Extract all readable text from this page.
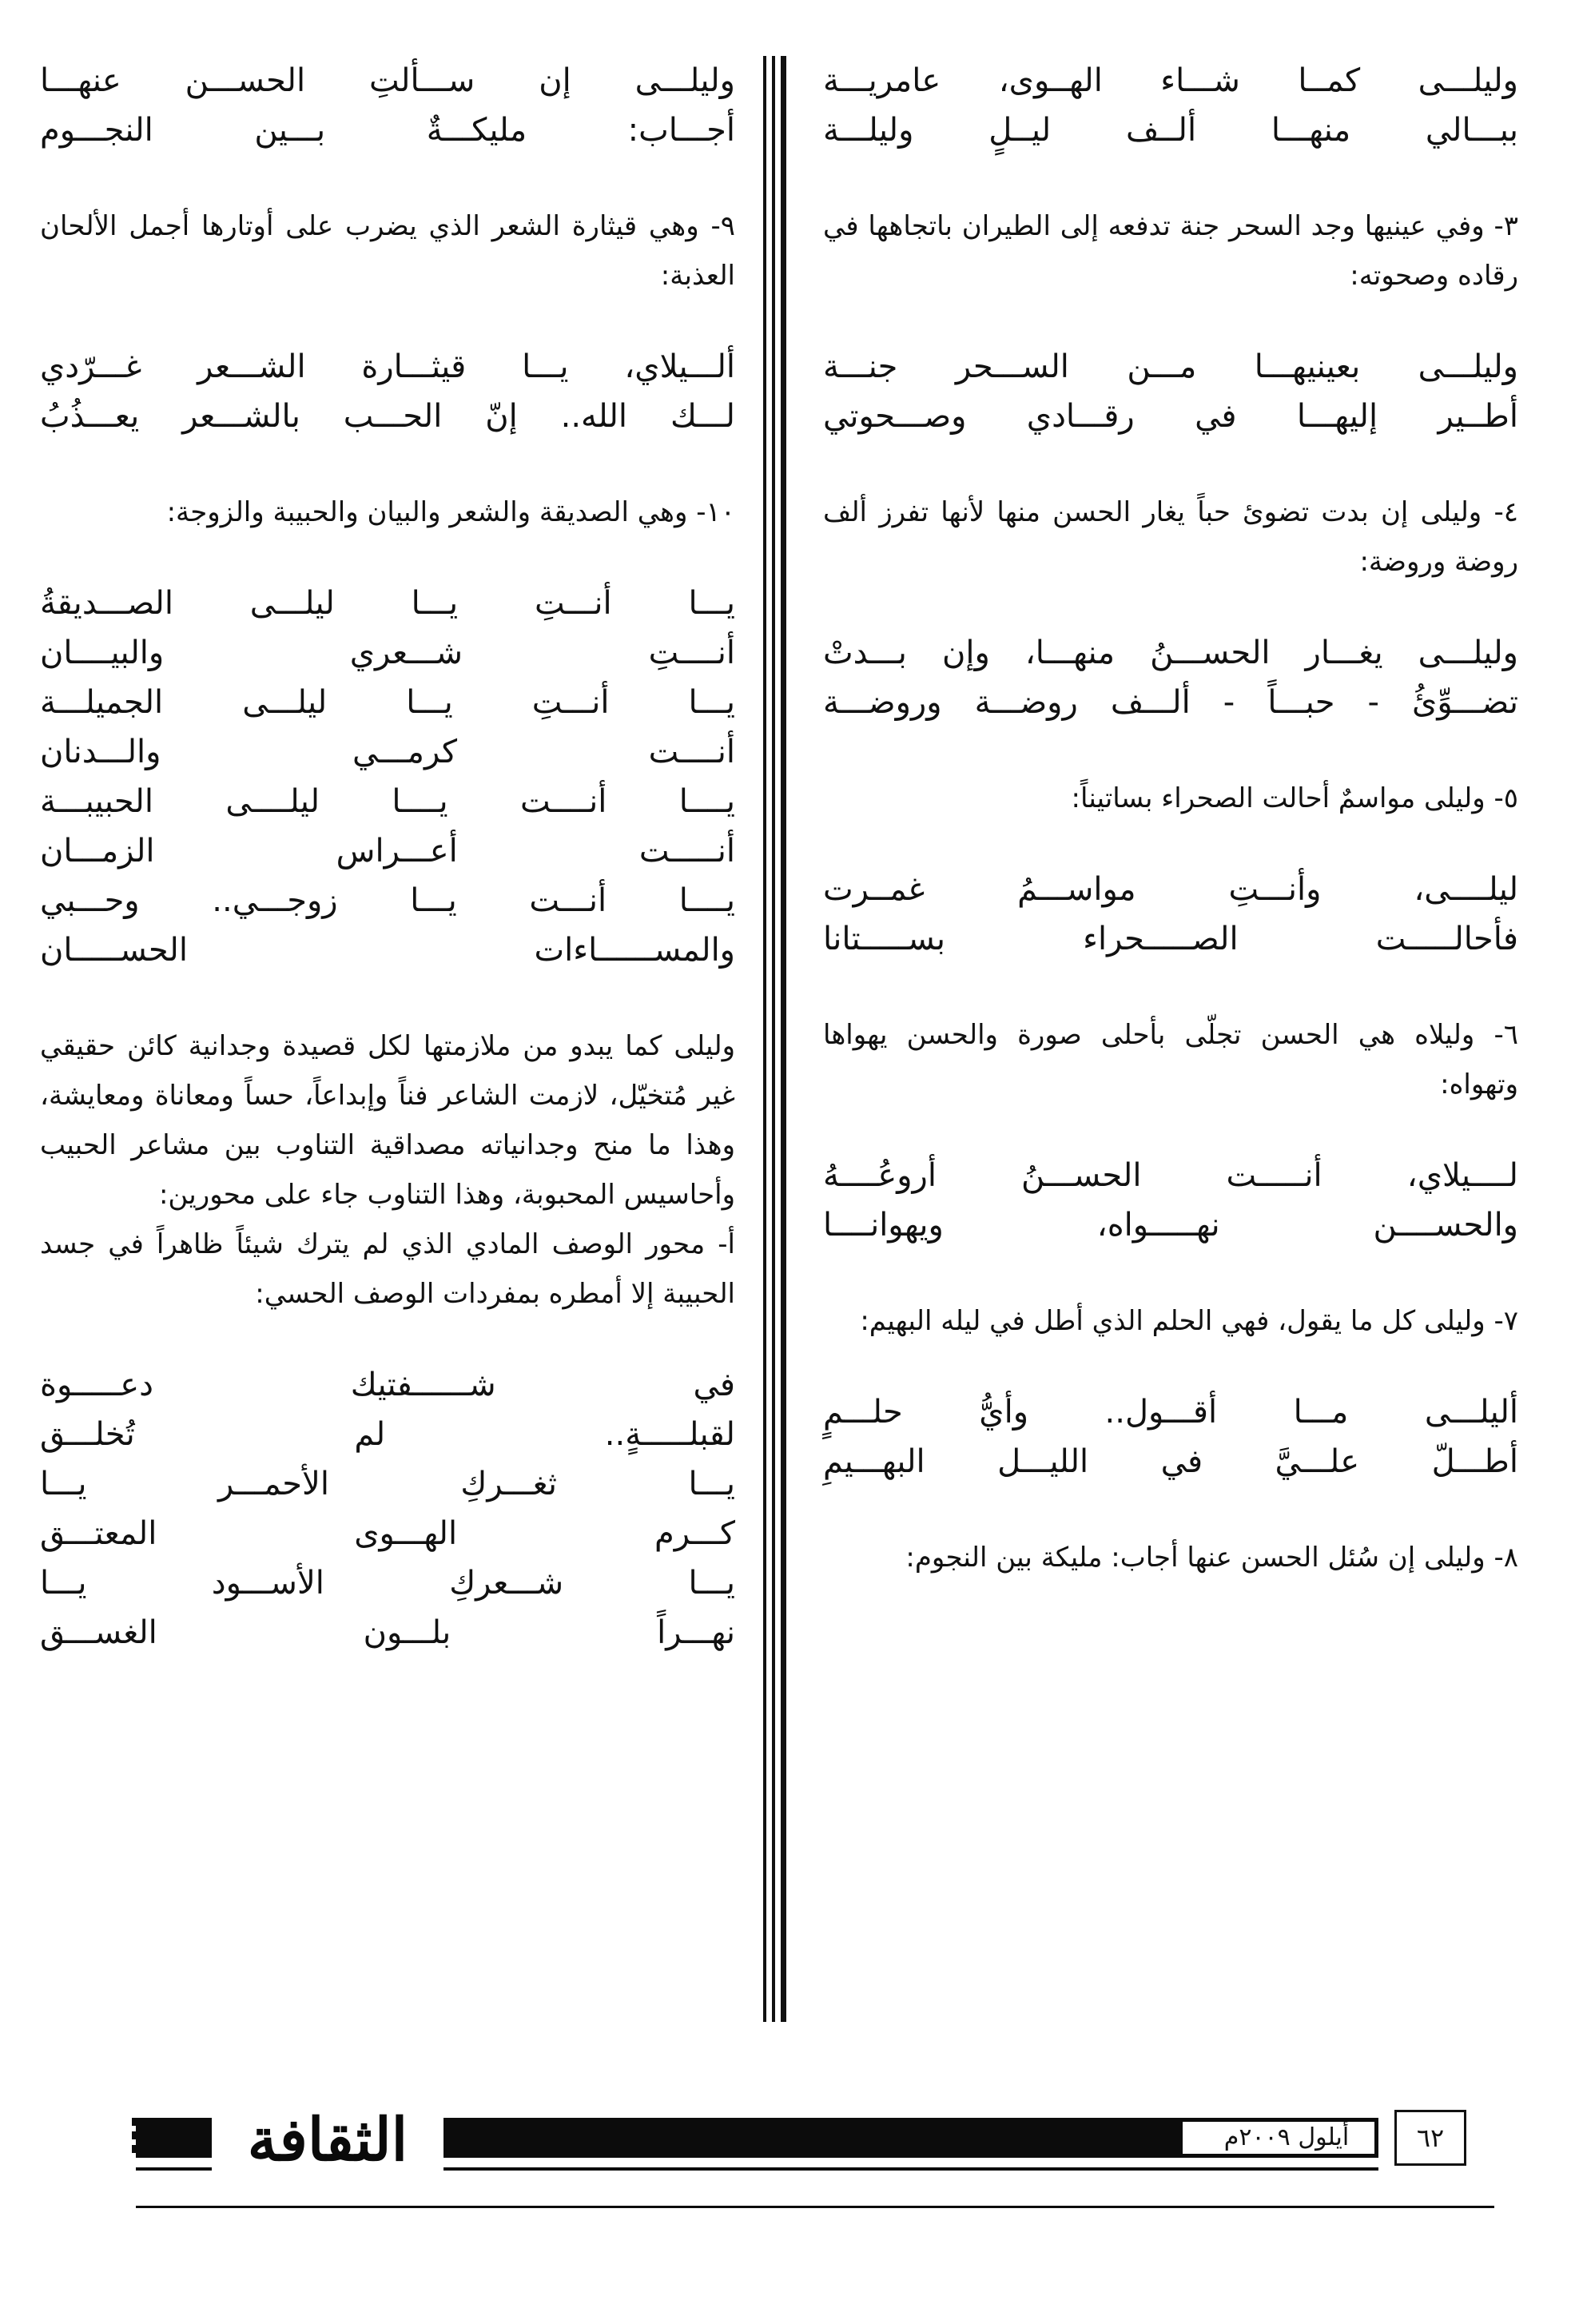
وليلـــى كمــا شـــاء الهــوى، عامريـــة
ببـــالي منهـــا ألــف ليــلٍ وليلـــة

٣- وفي عينيها وجد السحر جنة تدفعه إلى الطيران باتجاهها في رقاده وصحوته:

وليلـــى بعينيهـــا مـــن الســـحر جنـــة
أطــير إليهـــا في رقـــادي وصـــحوتي

٤- وليلى إن بدت تضوئ حباً يغار الحسن منها لأنها تفرز ألف روضة وروضة:

وليلـــى يغـــار الحســـنُ منهـــا، وإن بـــدتْ
تضـــوِّئُ - حبـــاً - ألـــف روضـــة وروضـــة

٥- وليلى مواسمٌ أحالت الصحراء بساتيناً:

ليلــــى، وأنـــتِ مواســـمُ غمــرت
فأحالـــــت الصـــــحراء بســـــتانا

٦- وليلاه هي الحسن تجلّى بأحلى صورة والحسن يهواها وتهواه:

لــــيلاي، أنـــــت الحســـنُ أروعُــــهُ
والحســــن نهـــــواه، ويهوانــــا

٧- وليلى كل ما يقول، فهي الحلم الذي أطل في ليله البهيم:

أليلـــى مـــا أقـــول.. وأيُّ حلـــمٍ
أطـــلّ علـــيَّ في الليـــل البهـــيمِ

٨- وليلى إن سُئل الحسن عنها أجاب: مليكة بين النجوم:

وليلـــى إن ســـألتِ الحســـن عنهـــا
أجـــاب: مليكـــةٌ بـــين النجـــوم

٩- وهي قيثارة الشعر الذي يضرب على أوتارها أجمل الألحان العذبة:

ألـــيلاي، يـــا قيثـــارة الشـــعر غـــرّدي
لـــك الله.. إنّ الحـــب بالشـــعر يعـــذُبُ

١٠- وهي الصديقة والشعر والبيان والحبيبة والزوجة:

يـــا أنـــتِ يـــا ليلـــى الصـــديقةُ
أنــــتِ شـــعري والبيــــان
يـــا أنـــتِ يـــا ليلـــى الجميلـــة
أنــــت كرمـــي والـــدنان
يــــا أنــــت يــــا ليلــــى الحبيبـــة
أنـــــت أعـــراس الزمـــان
يــــا أنـــت يـــا زوجـــي.. وحـــبي
والمســــــاءات الحســـــان

وليلى كما يبدو من ملازمتها لكل قصيدة وجدانية كائن حقيقي غير مُتخيّل، لازمت الشاعر فناً وإبداعاً، حساً ومعاناة ومعايشة، وهذا ما منح وجدانياته مصداقية التناوب بين مشاعر الحبيب وأحاسيس المحبوبة، وهذا التناوب جاء على محورين:

أ- محور الوصف المادي الذي لم يترك شيئاً ظاهراً في جسد الحبيبة إلا أمطره بمفردات الوصف الحسي:

في شــــــفتيك دعـــــوة
لقبلـــــةٍ.. لم تُخلـــق
يـــا ثغـــركِ الأحمـــر يـــا
كـــرم الهـــوى المعتـــق
يـــا شـــعركِ الأســـود يـــا
نهـــراً بلـــون الغســـق
الثقافة	أيلول ٢٠٠٩م	٦٢
